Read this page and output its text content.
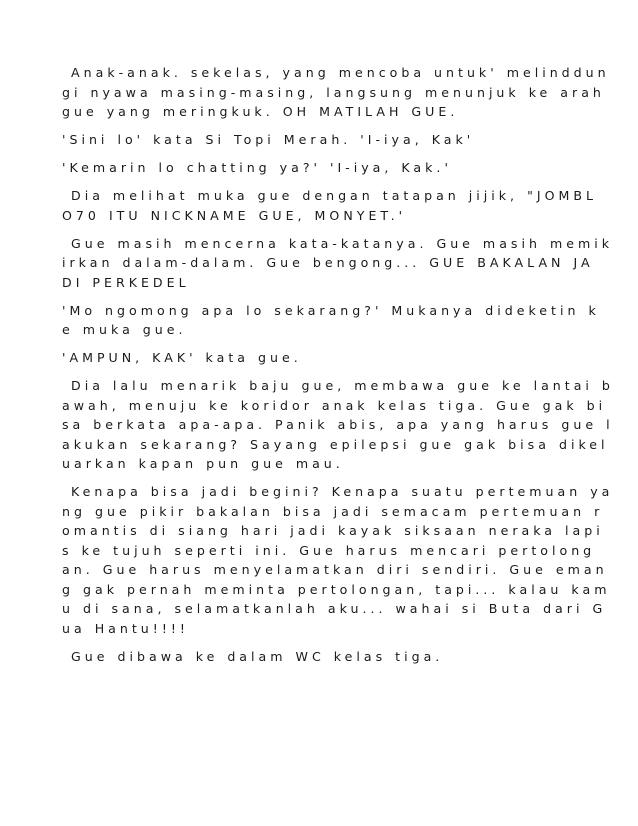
Anak-anak. sekelas, yang mencoba untuk' melinddun
gi nyawa masing-masing, langsung menunjuk ke arah
gue yang meringkuk. OH MATILAH GUE.
'Sini lo' kata Si Topi Merah. 'I-iya, Kak'
'Kemarin lo chatting ya?' 'I-iya, Kak.'
Dia melihat muka gue dengan tatapan jijik, "JOMBL
O70 ITU NICKNAME GUE, MONYET.'
Gue masih mencerna kata-katanya. Gue masih memik
irkan dalam-dalam. Gue bengong... GUE BAKALAN JA
DI PERKEDEL
'Mo ngomong apa lo sekarang?' Mukanya dideketin k
e muka gue.
'AMPUN, KAK' kata gue.
Dia lalu menarik baju gue, membawa gue ke lantai b
awah, menuju ke koridor anak kelas tiga. Gue gak bi
sa berkata apa-apa. Panik abis, apa yang harus gue l
akukan sekarang? Sayang epilepsi gue gak bisa dikel
uarkan kapan pun gue mau.
Kenapa bisa jadi begini? Kenapa suatu pertemuan ya
ng gue pikir bakalan bisa jadi semacam pertemuan r
omantis di siang hari jadi kayak siksaan neraka lapi
s ke tujuh seperti ini. Gue harus mencari pertolong
an. Gue harus menyelamatkan diri sendiri. Gue eman
g gak pernah meminta pertolongan, tapi... kalau kam
u di sana, selamatkanlah aku... wahai si Buta dari G
ua Hantu!!!!
Gue dibawa ke dalam WC kelas tiga.
